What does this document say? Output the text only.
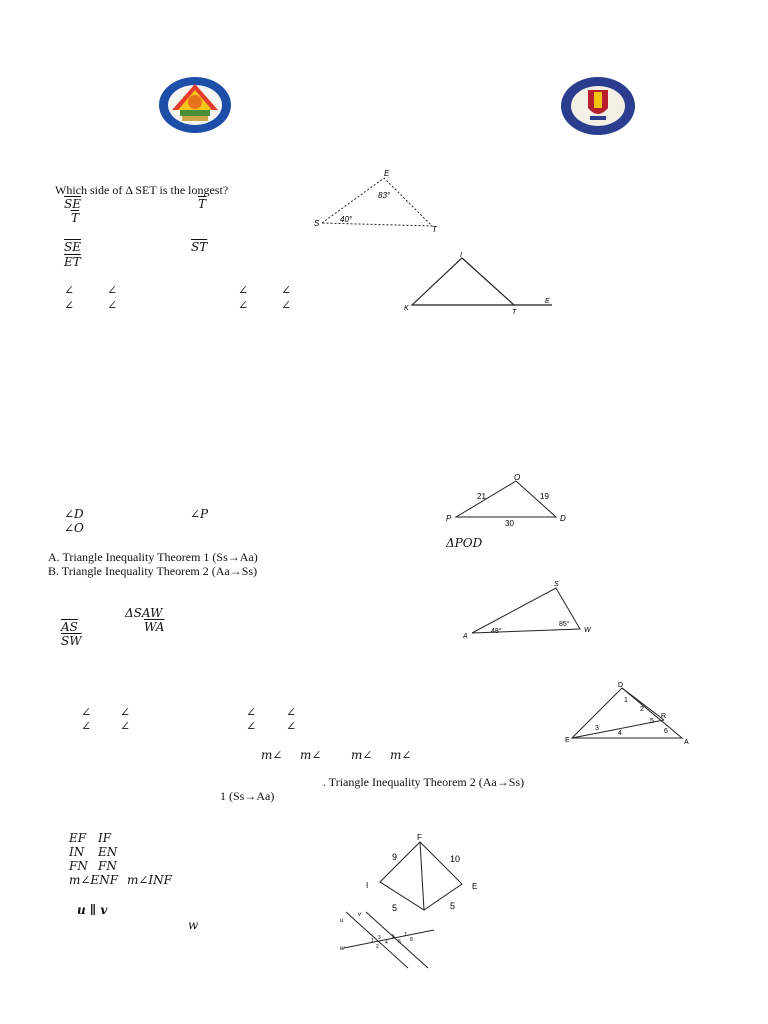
Which side of Δ SET is the longest?
$\overline{SE}$	$\overline{T}$
$\overline{T}$
$\overline{SE}$	$\overline{ST}$
$\overline{ET}$
S
E
T
83°
40°
∠	∠	∠	∠
∠	∠	∠	∠	K
I
T
E
∠D	∠P
∠O
A. Triangle Inequality Theorem 1 (Ss→Aa)
B. Triangle Inequality Theorem 2 (Aa→Ss)
P
O
D
21	19
30
ΔPOD
ΔSAW
$\overline{AS}$	$\overline{WA}$
$\overline{SW}$
S
A
W
48°
85°
∠ ∠	∠ ∠
∠ ∠	∠ ∠
m∠ m∠ m∠ m∠
. Triangle Inequality Theorem 2 (Aa→Ss)
1 (Ss→Aa)
D
E
R
A
1
2
3
4
5
6
EF IF
IN EN
FN FN
m∠ENF m∠INF
F
I	E
9	10
5	5
u ∥ v
w	u
v
w
1
2
3
4
5
6
7
8
